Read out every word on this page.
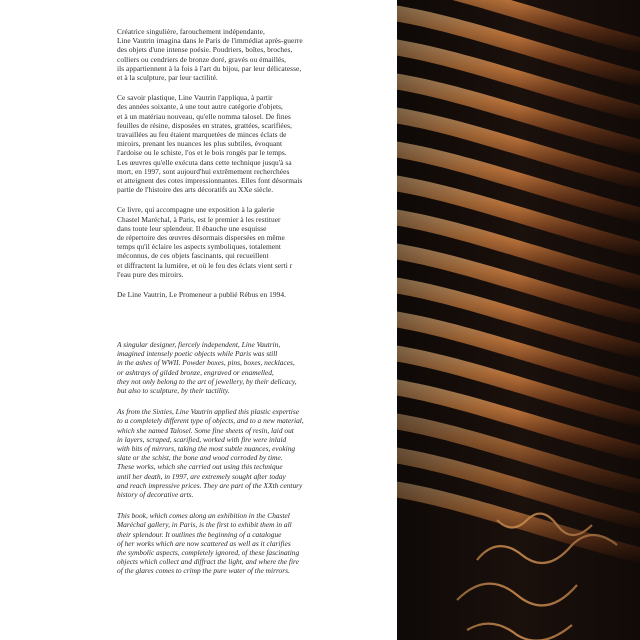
Créatrice singulière, farouchement indépendante,
Line Vautrin imagina dans le Paris de l'immédiat après-guerre
des objets d'une intense poésie. Poudriers, boîtes, broches,
colliers ou cendriers de bronze doré, gravés ou émaillés,
ils appartiennent à la fois à l'art du bijou, par leur délicatesse,
et à la sculpture, par leur tactilité.

Ce savoir plastique, Line Vautrin l'appliqua, à partir
des années soixante, à une tout autre catégorie d'objets,
et à un matériau nouveau, qu'elle nomma talosel. De fines
feuilles de résine, disposées en strates, grattées, scarifiées,
travaillées au feu étaient marquetées de minces éclats de
miroirs, prenant les nuances les plus subtiles, évoquant
l'ardoise ou le schiste, l'os et le bois rongés par le temps.
Les œuvres qu'elle exécuta dans cette technique jusqu'à sa
mort, en 1997, sont aujourd'hui extrêmement recherchées
et atteignent des cotes impressionnantes. Elles font désormais
partie de l'histoire des arts décoratifs au XXe siècle.

Ce livre, qui accompagne une exposition à la galerie
Chastel Maréchal, à Paris, est le premier à les restituer
dans toute leur splendeur. Il ébauche une esquisse
de répertoire des œuvres désormais dispersées en même
temps qu'il éclaire les aspects symboliques, totalement
méconnus, de ces objets fascinants, qui recueillent
et diffractent la lumière, et où le feu des éclats vient serti r
l'eau pure des miroirs.

De Line Vautrin, Le Promeneur a publié Rébus en 1994.

A singular designer, fiercely independent, Line Vautrin,
imagined intensely poetic objects while Paris was still
in the ashes of WWII. Powder boxes, pins, boxes, necklaces,
or ashtrays of gilded bronze, engraved or enamelled,
they not only belong to the art of jewellery, by their delicacy,
but also to sculpture, by their tactility.

As from the Sixties, Line Vautrin applied this plastic expertise
to a completely different type of objects, and to a new material,
which she named Talosel. Some fine sheets of resin, laid out
in layers, scraped, scarified, worked with fire were inlaid
with bits of mirrors, taking the most subtle nuances, evoking
slate or the schist, the bone and wood corroded by time.
These works, which she carried out using this technique
until her death, in 1997, are extremely sought after today
and reach impressive prices. They are part of the XXth century
history of decorative arts.

This book, which comes along an exhibition in the Chastel
Maréchal gallery, in Paris, is the first to exhibit them in all
their splendour. It outlines the beginning of a catalogue
of her works which are now scattered as well as it clarifies
the symbolic aspects, completely ignored, of these fascinating
objects which collect and diffract the light, and where the fire
of the glares comes to crimp the pure water of the mirrors.
